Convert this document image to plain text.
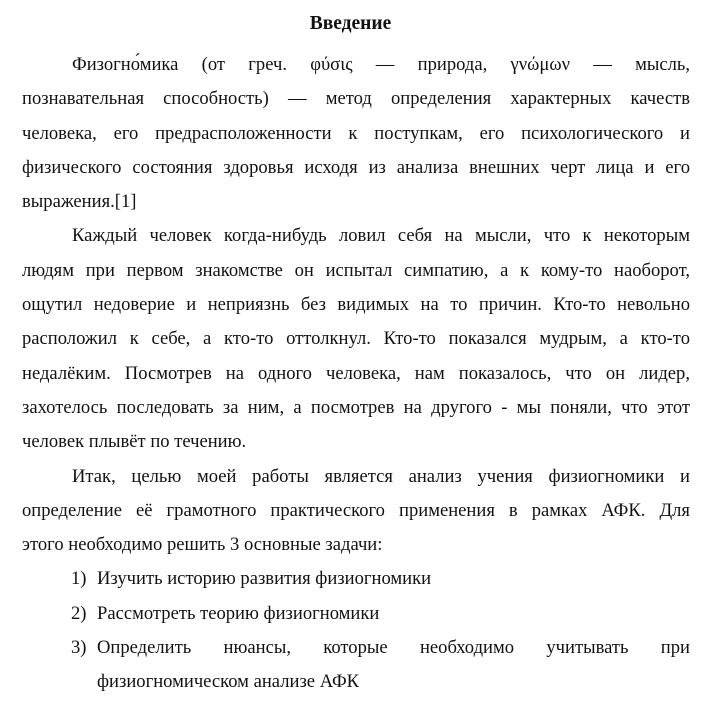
Введение
Физогно́мика (от греч. φύσις — природа, γνώμων — мысль,
познавательная способность) — метод определения характерных качеств
человека, его предрасположенности к поступкам, его психологического и
физического состояния здоровья исходя из анализа внешних черт лица и его
выражения.[1]
Каждый человек когда-нибудь ловил себя на мысли, что к некоторым
людям при первом знакомстве он испытал симпатию, а к кому-то наоборот,
ощутил недоверие и неприязнь без видимых на то причин. Кто-то невольно
расположил к себе, а кто-то оттолкнул. Кто-то показался мудрым, а кто-то
недалёким. Посмотрев на одного человека, нам показалось, что он лидер,
захотелось последовать за ним, а посмотрев на другого - мы поняли, что этот
человек плывёт по течению.
Итак, целью моей работы является анализ учения физиогномики и
определение её грамотного практического применения в рамках АФК. Для
этого необходимо решить 3 основные задачи:
1) Изучить историю развития физиогномики
2) Рассмотреть теорию физиогномики
3) Определить нюансы, которые необходимо учитывать при
физиогномическом анализе АФК
